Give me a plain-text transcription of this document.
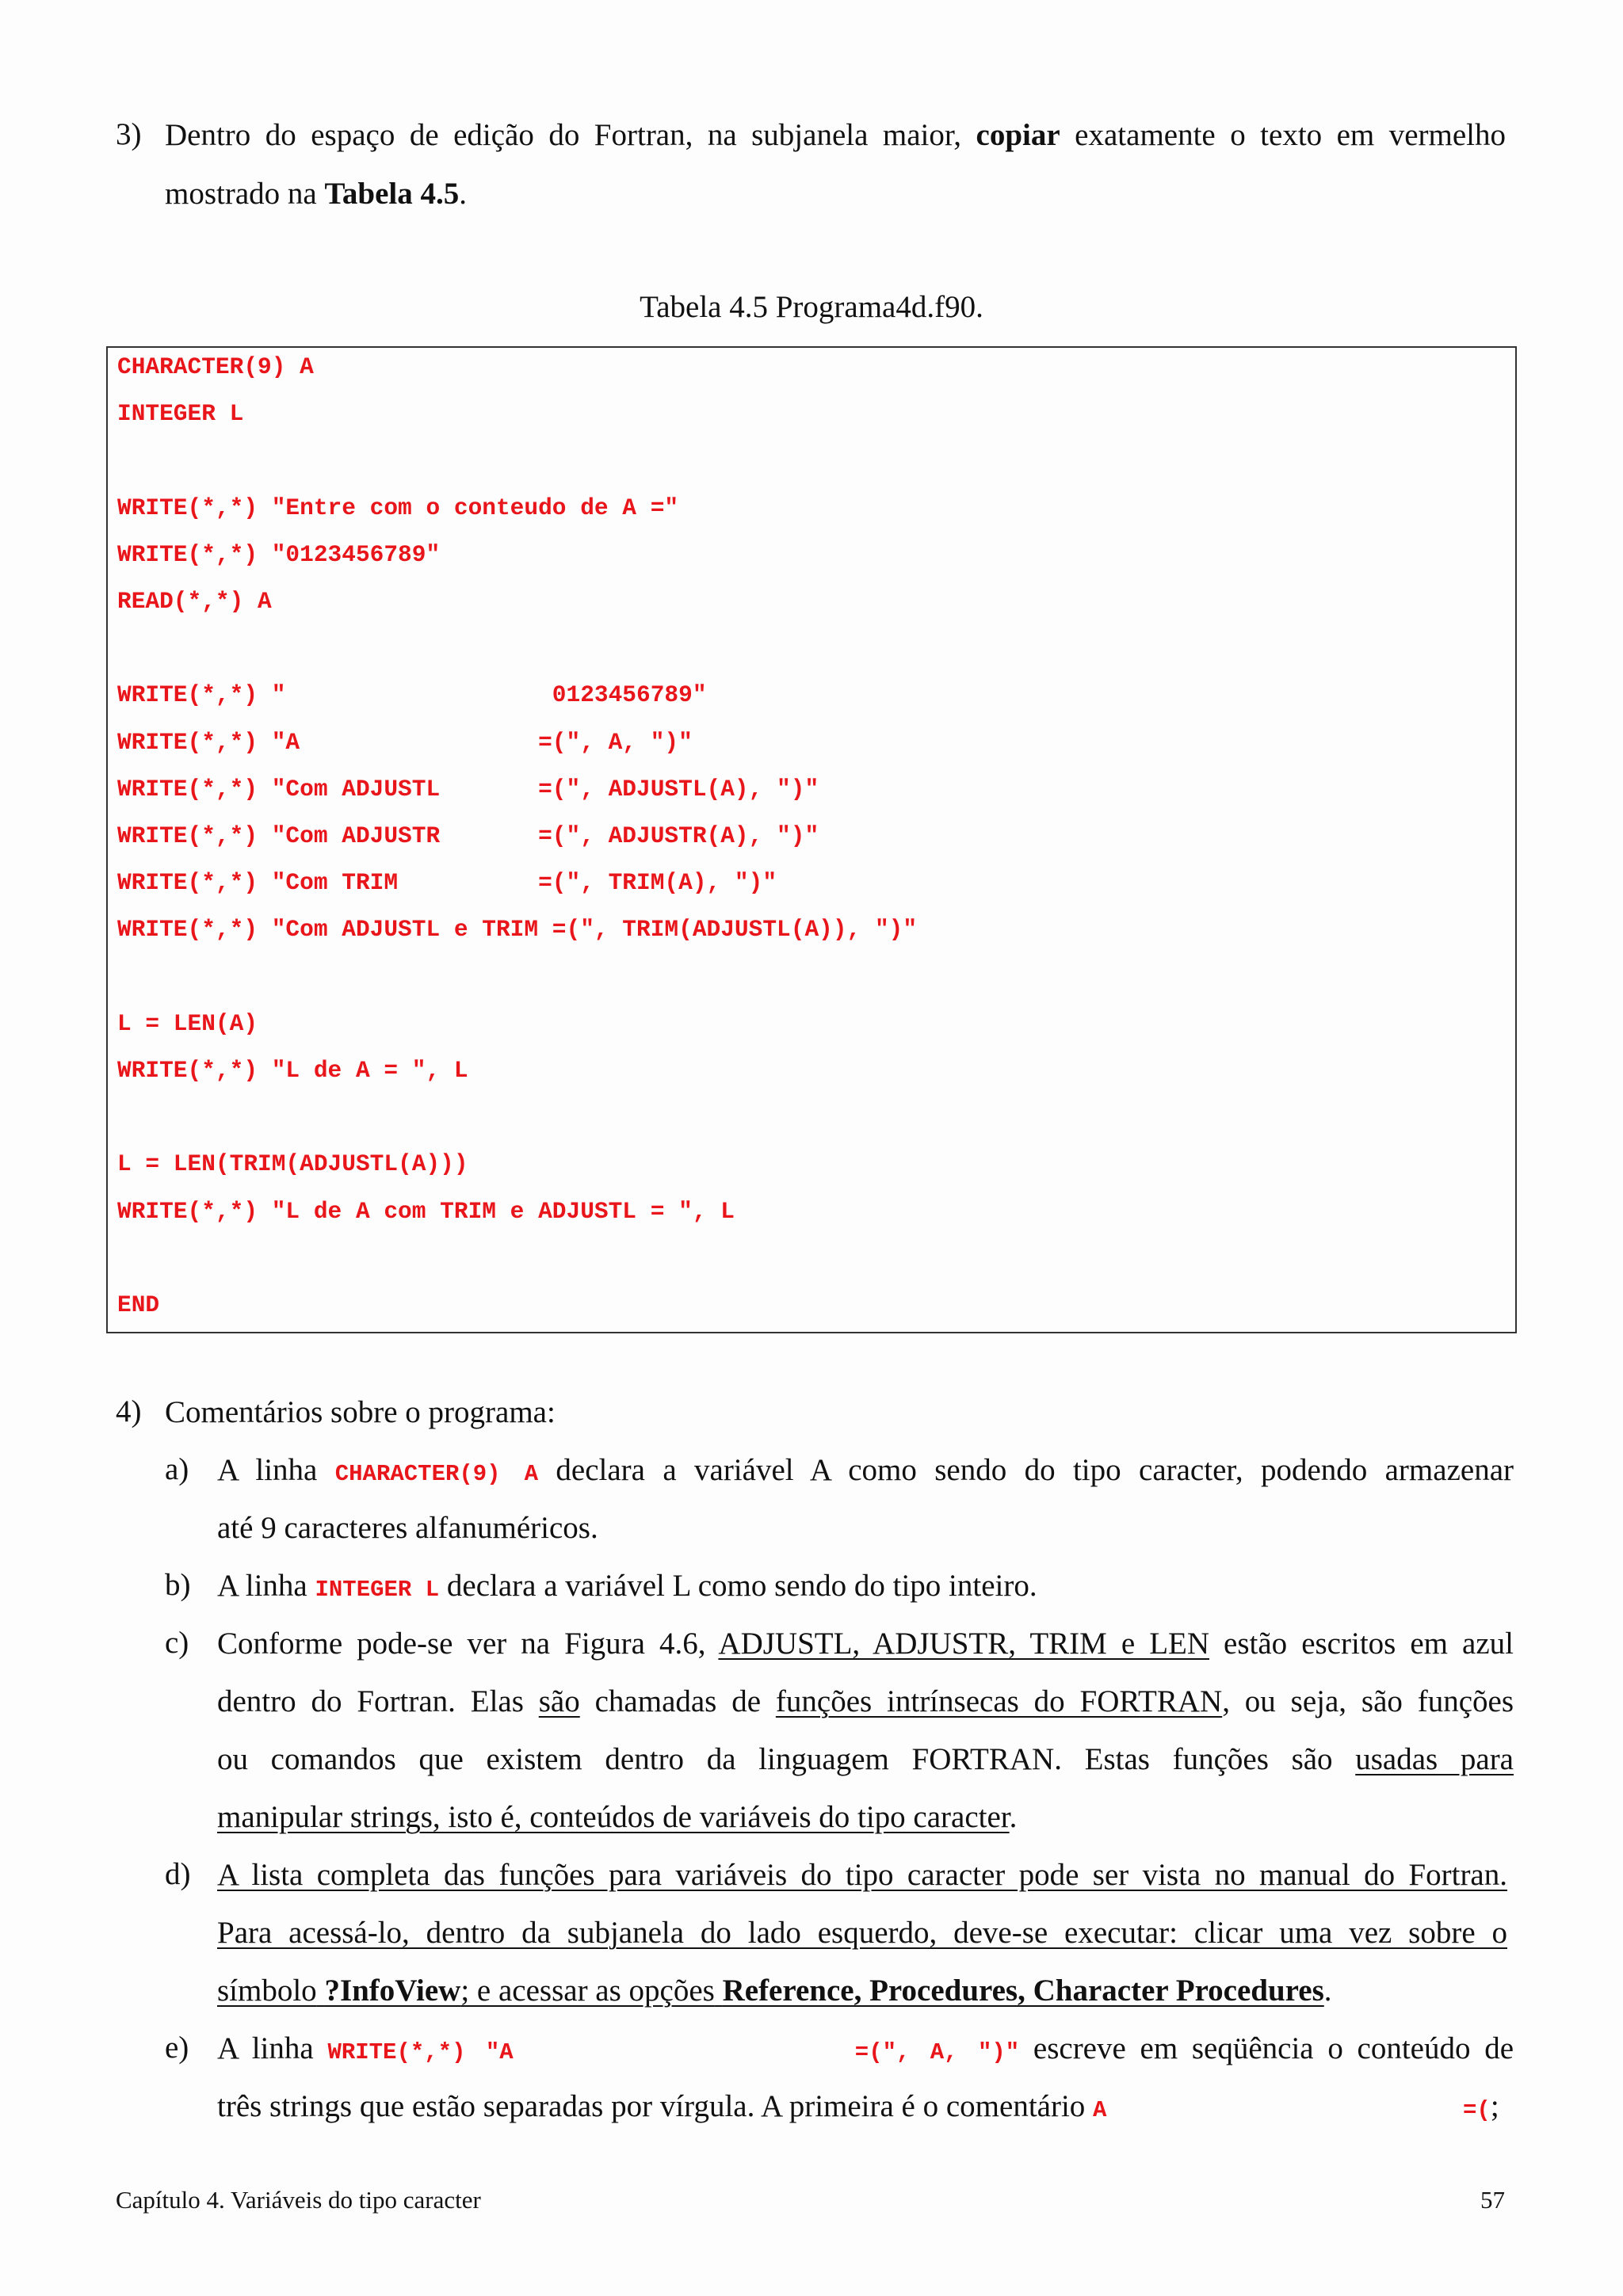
3) Dentro do espaço de edição do Fortran, na subjanela maior, copiar exatamente o texto em vermelho
mostrado na Tabela 4.5.
Tabela 4.5 Programa4d.f90.
CHARACTER(9) A
INTEGER L
WRITE(*,*) "Entre com o conteudo de A ="
WRITE(*,*) "0123456789"
READ(*,*) A
WRITE(*,*) "                   0123456789"
WRITE(*,*) "A                 =(", A, ")"
WRITE(*,*) "Com ADJUSTL       =(", ADJUSTL(A), ")"
WRITE(*,*) "Com ADJUSTR       =(", ADJUSTR(A), ")"
WRITE(*,*) "Com TRIM          =(", TRIM(A), ")"
WRITE(*,*) "Com ADJUSTL e TRIM =(", TRIM(ADJUSTL(A)), ")"
L = LEN(A)
WRITE(*,*) "L de A = ", L
L = LEN(TRIM(ADJUSTL(A)))
WRITE(*,*) "L de A com TRIM e ADJUSTL = ", L
END
4) Comentários sobre o programa:
a) A linha CHARACTER(9) A declara a variável A como sendo do tipo caracter, podendo armazenar
até 9 caracteres alfanuméricos.
b) A linha INTEGER L declara a variável L como sendo do tipo inteiro.
c) Conforme pode-se ver na Figura 4.6, ADJUSTL, ADJUSTR, TRIM e LEN estão escritos em azul
dentro do Fortran. Elas são chamadas de funções intrínsecas do FORTRAN, ou seja, são funções
ou comandos que existem dentro da linguagem FORTRAN. Estas funções são usadas para
manipular strings, isto é, conteúdos de variáveis do tipo caracter.
d) A lista completa das funções para variáveis do tipo caracter pode ser vista no manual do Fortran.
Para acessá-lo, dentro da subjanela do lado esquerdo, deve-se executar: clicar uma vez sobre o
símbolo ?InfoView; e acessar as opções Reference, Procedures, Character Procedures.
e) A linha WRITE(*,*) "A                 =(", A, ")" escreve em seqüência o conteúdo de
três strings que estão separadas por vírgula. A primeira é o comentário A	=(;
Capítulo 4. Variáveis do tipo caracter	57
